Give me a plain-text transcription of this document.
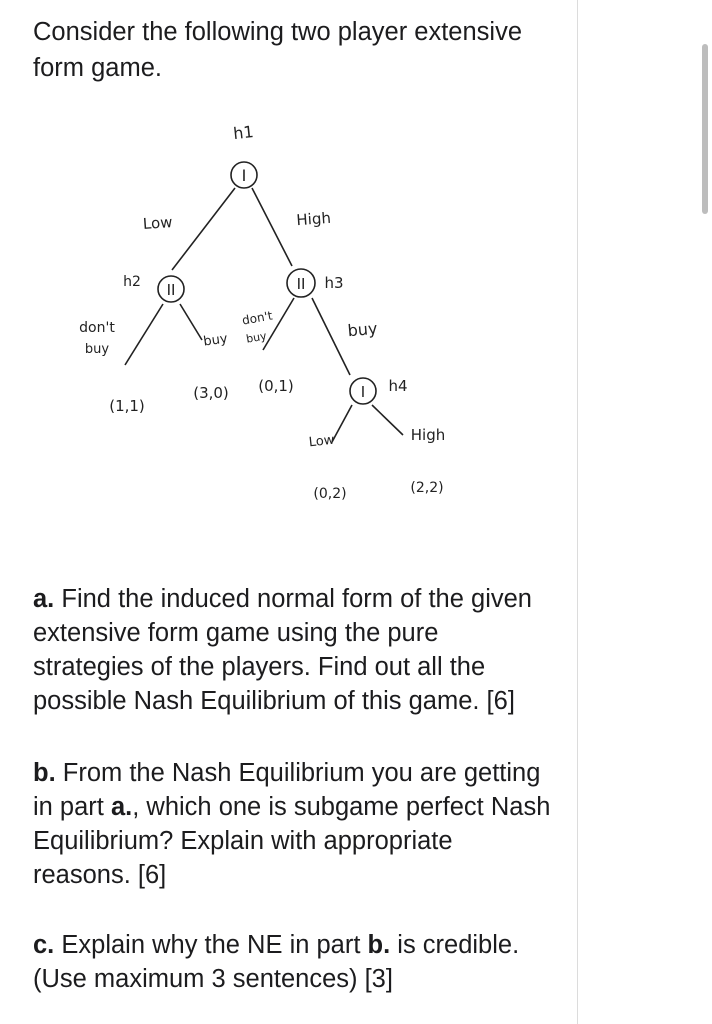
Consider the following two player extensive form game.

I
h1
II
h2	II h3
I h4
Low	High
don't
buy	buy
don't
buy	buy
Low	High
(1,1)
(3,0) (0,1)
(0,2)	(2,2)

a. Find the induced normal form of the given extensive form game using the pure strategies of the players. Find out all the possible Nash Equilibrium of this game. [6]

b. From the Nash Equilibrium you are getting in part a., which one is subgame perfect Nash Equilibrium? Explain with appropriate reasons. [6]

c. Explain why the NE in part b. is credible. (Use maximum 3 sentences) [3]
